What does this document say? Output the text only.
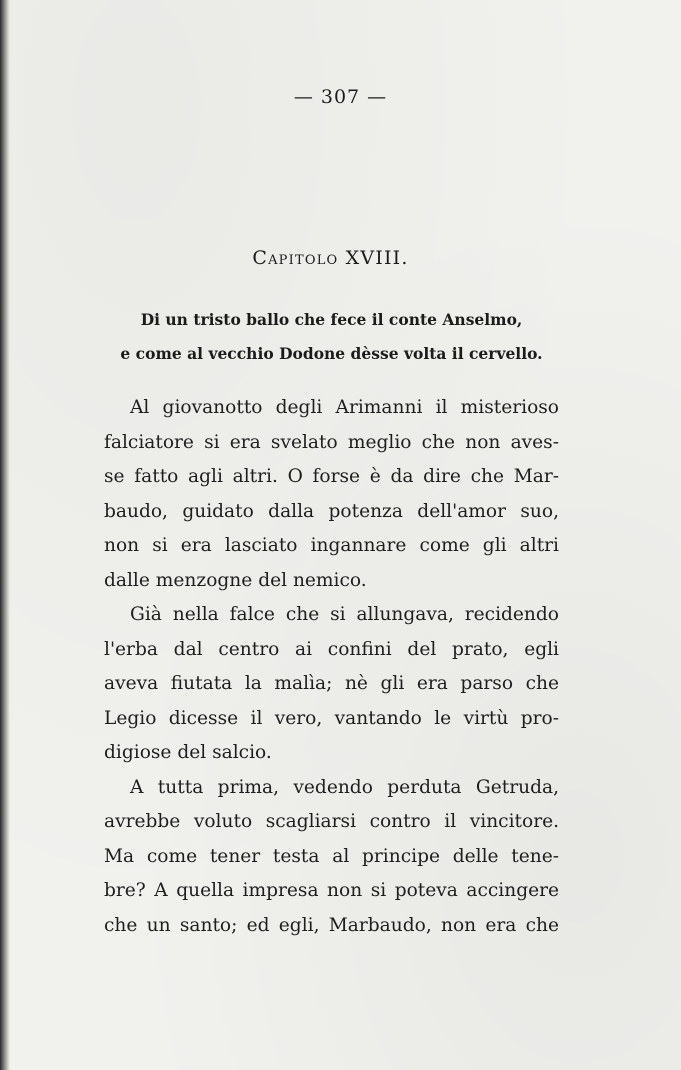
— 307 —
Capitolo XVIII.
Di un tristo ballo che fece il conte Anselmo,
e come al vecchio Dodone dèsse volta il cervello.
Al giovanotto degli Arimanni il misterioso
falciatore si era svelato meglio che non aves-
se fatto agli altri. O forse è da dire che Mar-
baudo, guidato dalla potenza dell'amor suo,
non si era lasciato ingannare come gli altri
dalle menzogne del nemico.
Già nella falce che si allungava, recidendo
l'erba dal centro ai confini del prato, egli
aveva fiutata la malìa; nè gli era parso che
Legio dicesse il vero, vantando le virtù pro-
digiose del salcio.
A tutta prima, vedendo perduta Getruda,
avrebbe voluto scagliarsi contro il vincitore.
Ma come tener testa al principe delle tene-
bre? A quella impresa non si poteva accingere
che un santo; ed egli, Marbaudo, non era che
